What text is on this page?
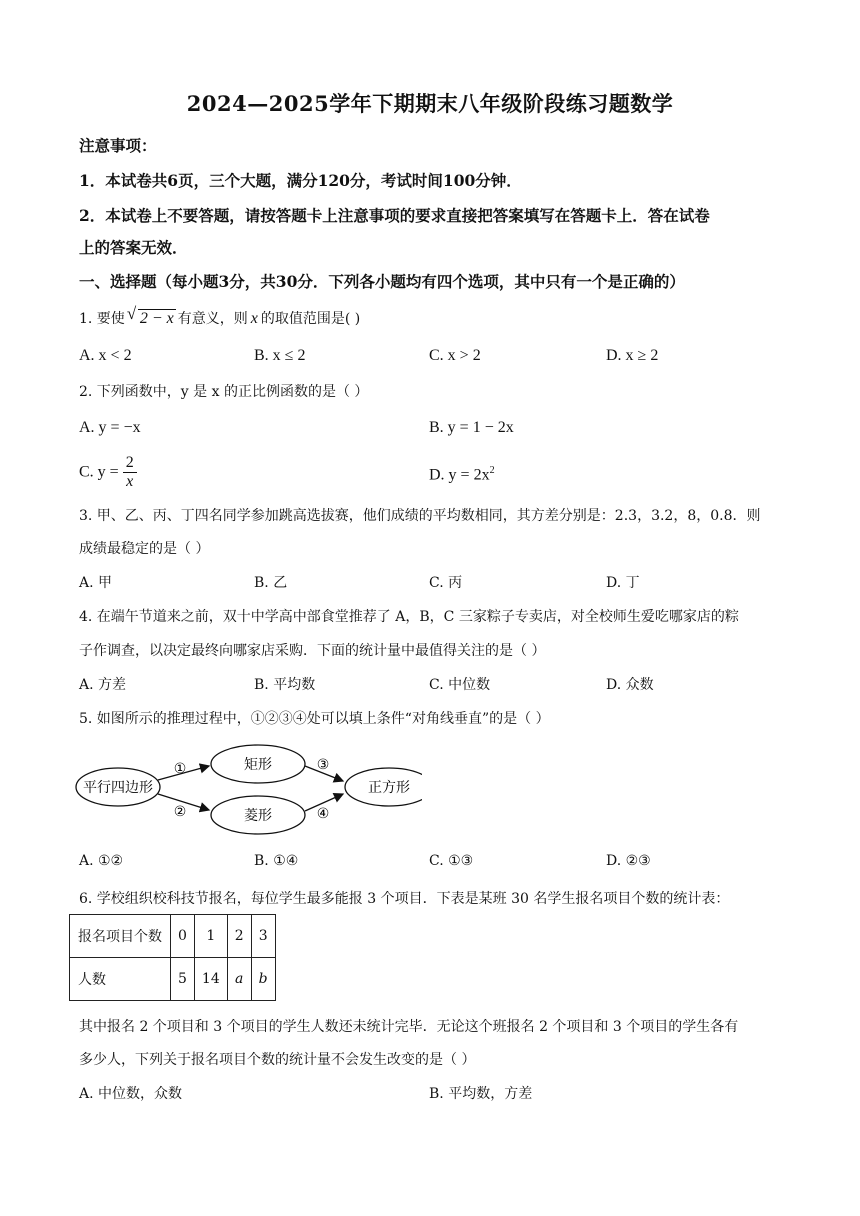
2024—2025学年下期期末八年级阶段练习题数学
注意事项：
1．本试卷共6页，三个大题，满分120分，考试时间100分钟．
2．本试卷上不要答题，请按答题卡上注意事项的要求直接把答案填写在答题卡上．答在试卷
上的答案无效．
一、选择题（每小题3分，共30分．下列各小题均有四个选项，其中只有一个是正确的）
1. 要使 √ 2 − x 有意义，则 x 的取值范围是( )
A. x < 2	B. x ≤ 2	C. x > 2	D. x ≥ 2
2. 下列函数中，y 是 x 的正比例函数的是（ ）
A. y = −x	B. y = 1 − 2x
C. $y = \frac{2}{x}$	D. $y = 2x^2$
3. 甲、乙、丙、丁四名同学参加跳高选拔赛，他们成绩的平均数相同，其方差分别是：2.3，3.2，8，0.8．则
成绩最稳定的是（ ）
A. 甲	B. 乙	C. 丙	D. 丁
4. 在端午节道来之前，双十中学高中部食堂推荐了 A，B，C 三家粽子专卖店，对全校师生爱吃哪家店的粽
子作调查，以决定最终向哪家店采购．下面的统计量中最值得关注的是（ ）
A. 方差	B. 平均数	C. 中位数	D. 众数
5. 如图所示的推理过程中，①②③④处可以填上条件“对角线垂直”的是（ ）
平行四边形
矩形
菱形
正方形
①
②
③
④
A. ①②	B. ①④	C. ①③	D. ②③
6. 学校组织校科技节报名，每位学生最多能报 3 个项目．下表是某班 30 名学生报名项目个数的统计表：
报名项目个数	0	1	2	3
人数	5	14	a	b
其中报名 2 个项目和 3 个项目的学生人数还未统计完毕．无论这个班报名 2 个项目和 3 个项目的学生各有
多少人，下列关于报名项目个数的统计量不会发生改变的是（ ）
A. 中位数，众数	B. 平均数，方差
